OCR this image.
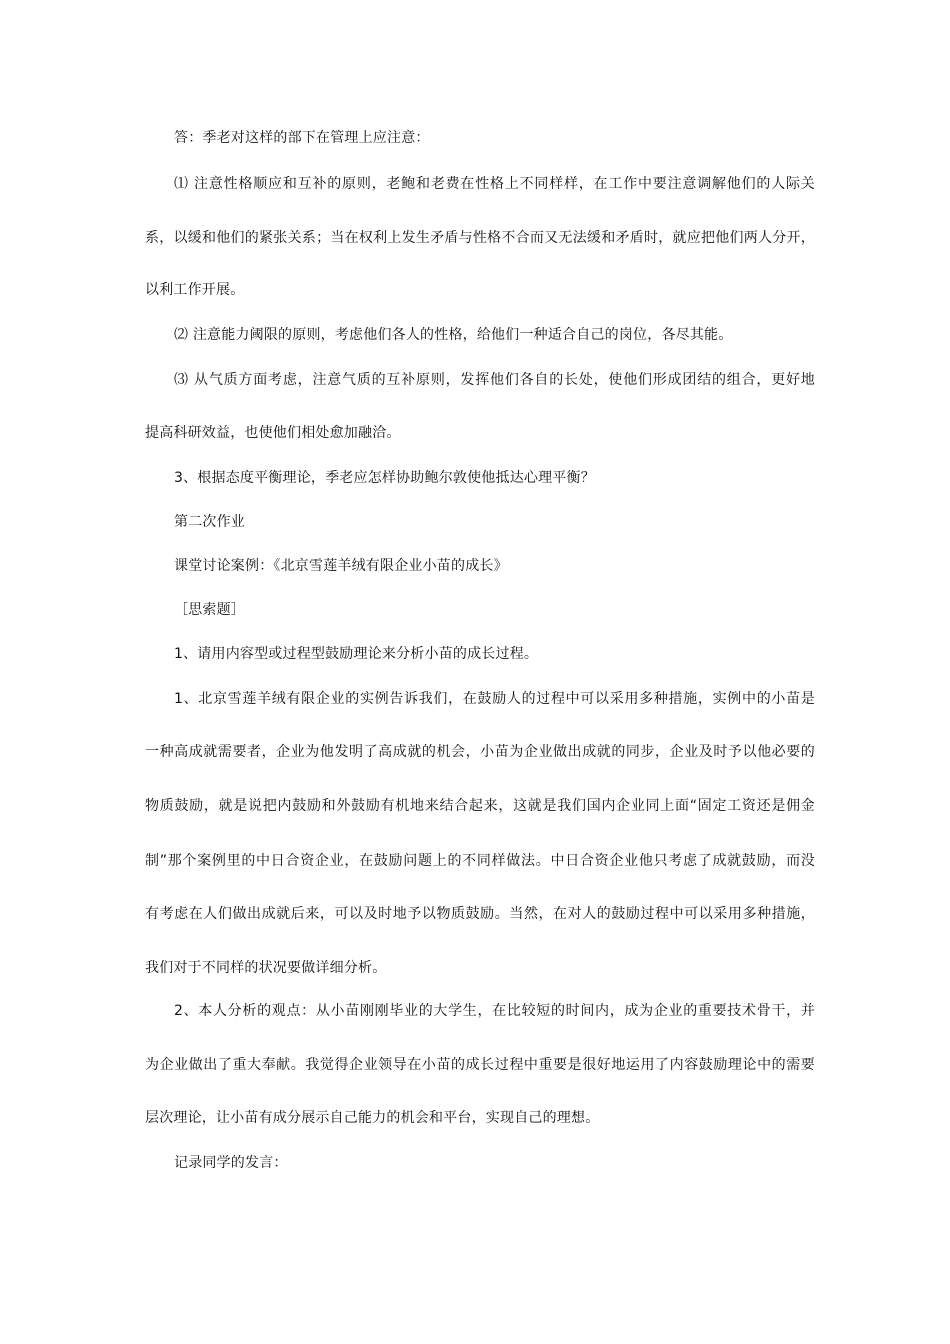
答：季老对这样的部下在管理上应注意：
⑴ 注意性格顺应和互补的原则，老鲍和老费在性格上不同样样，在工作中要注意调解他们的人际关
系，以缓和他们的紧张关系；当在权利上发生矛盾与性格不合而又无法缓和矛盾时，就应把他们两人分开，
以利工作开展。
⑵ 注意能力阈限的原则，考虑他们各人的性格，给他们一种适合自己的岗位，各尽其能。
⑶ 从气质方面考虑，注意气质的互补原则，发挥他们各自的长处，使他们形成团结的组合，更好地
提高科研效益，也使他们相处愈加融洽。
3、根据态度平衡理论，季老应怎样协助鲍尔敦使他抵达心理平衡？
第二次作业
课堂讨论案例：《北京雪莲羊绒有限企业小苗的成长》
［思索题］
1、请用内容型或过程型鼓励理论来分析小苗的成长过程。
1、北京雪莲羊绒有限企业的实例告诉我们，在鼓励人的过程中可以采用多种措施，实例中的小苗是
一种高成就需要者，企业为他发明了高成就的机会，小苗为企业做出成就的同步，企业及时予以他必要的
物质鼓励，就是说把内鼓励和外鼓励有机地来结合起来，这就是我们国内企业同上面“固定工资还是佣金
制”那个案例里的中日合资企业，在鼓励问题上的不同样做法。中日合资企业他只考虑了成就鼓励，而没
有考虑在人们做出成就后来，可以及时地予以物质鼓励。当然，在对人的鼓励过程中可以采用多种措施，
我们对于不同样的状况要做详细分析。
2、本人分析的观点：从小苗刚刚毕业的大学生，在比较短的时间内，成为企业的重要技术骨干，并
为企业做出了重大奉献。我觉得企业领导在小苗的成长过程中重要是很好地运用了内容鼓励理论中的需要
层次理论，让小苗有成分展示自己能力的机会和平台，实现自己的理想。
记录同学的发言：
